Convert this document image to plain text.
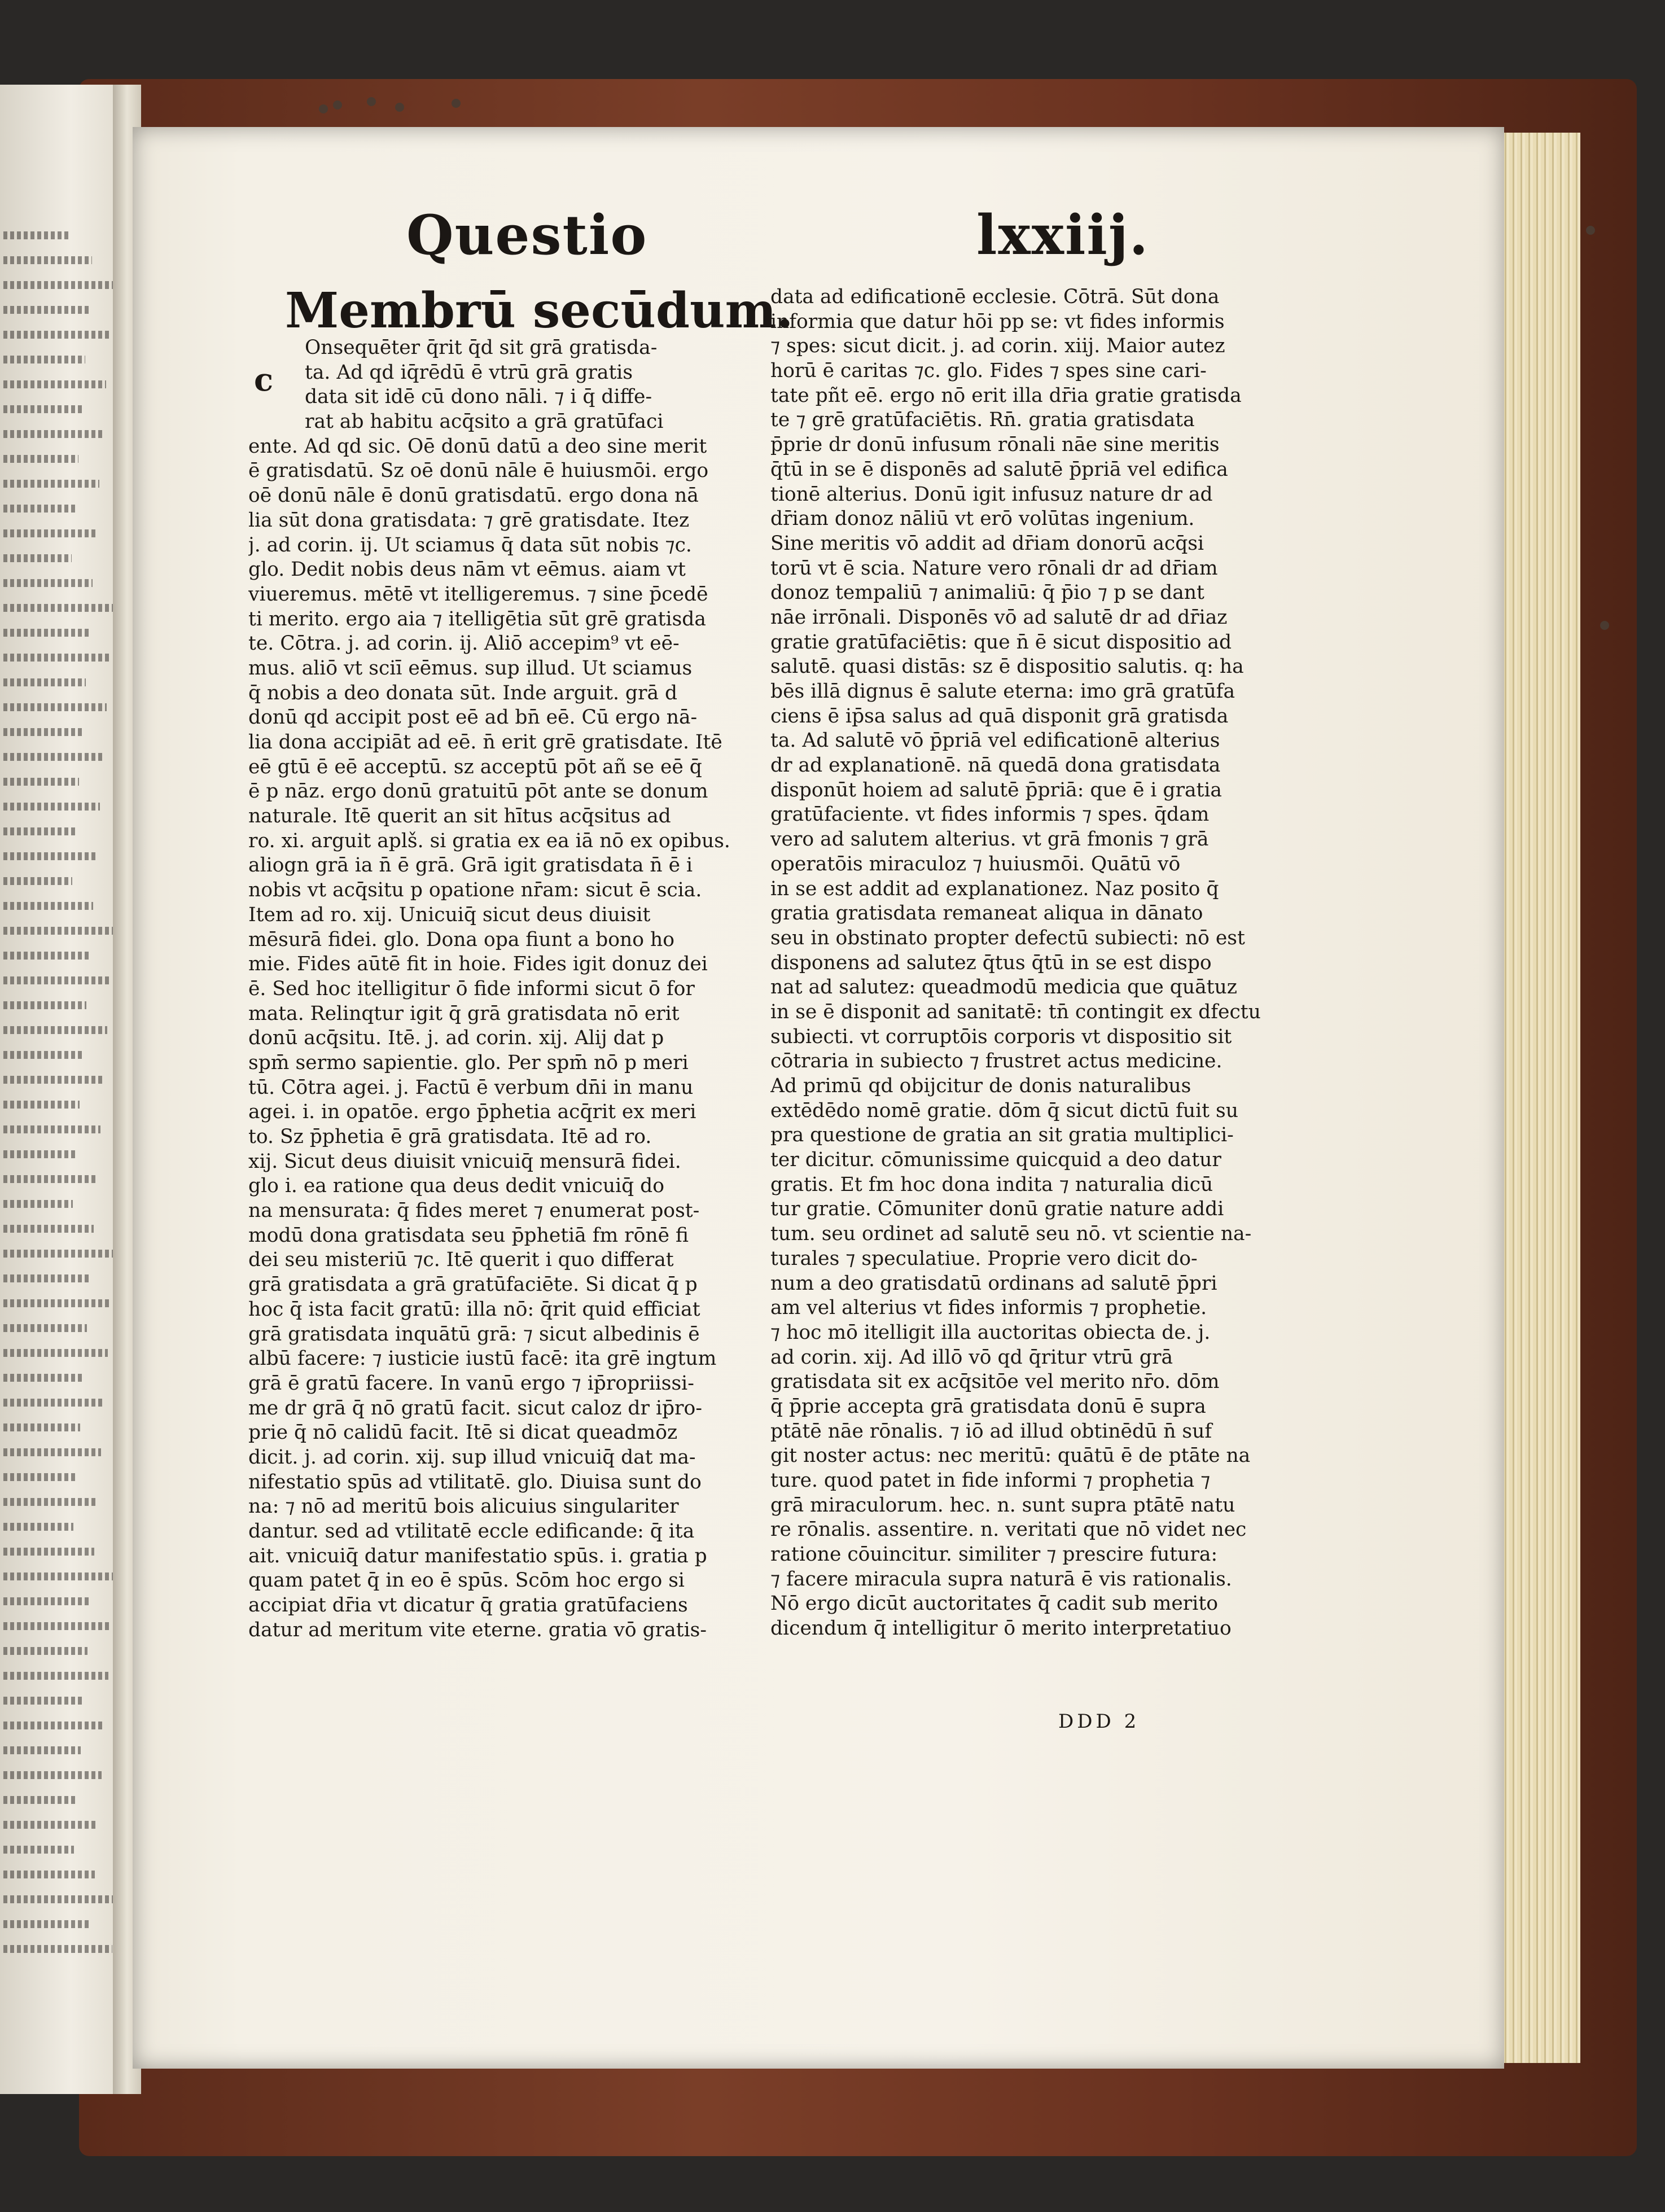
Questio	lxxiij.
Membrū secūdum.
c
Onsequēter q̄rit q̄d sit grā gratisda-
ta. Ad qd iq̄rēdū ē vtrū grā gratis
data sit idē cū dono nāli. ⁊ i q̄ diffe-
rat ab habitu acq̄sito a grā gratūfaci
ente. Ad qd sic. Oē donū datū a deo sine merit
ē gratisdatū. Sz oē donū nāle ē huiusmōi. ergo
oē donū nāle ē donū gratisdatū. ergo dona nā
lia sūt dona gratisdata: ⁊ grē gratisdate. Itez
j. ad corin. ij. Ut sciamus q̄ data sūt nobis ⁊c.
glo. Dedit nobis deus nām vt eēmus. aiam vt
viueremus. mētē vt itelligeremus. ⁊ sine p̄cedē
ti merito. ergo aia ⁊ itelligētia sūt grē gratisda
te. Cōtra. j. ad corin. ij. Aliō accepim⁹ vt eē-
mus. aliō vt sciī eēmus. sup illud. Ut sciamus
q̄ nobis a deo donata sūt. Inde arguit. grā d
donū qd accipit post eē ad bn̄ eē. Cū ergo nā-
lia dona accipiāt ad eē. n̄ erit grē gratisdate. Itē
eē gtū ē eē acceptū. sz acceptū pōt añ se eē q̄
ē p nāz. ergo donū gratuitū pōt ante se donum
naturale. Itē querit an sit hītus acq̄situs ad
ro. xi. arguit aplš. si gratia ex ea iā nō ex opibus.
aliogn grā ia n̄ ē grā. Grā igit gratisdata n̄ ē i
nobis vt acq̄situ p opatione nr̄am: sicut ē scia.
Item ad ro. xij. Unicuiq̄ sicut deus diuisit
mēsurā fidei. glo. Dona opa fiunt a bono ho
mie. Fides aūtē fit in hoie. Fides igit donuz dei
ē. Sed hoc itelligitur ō fide informi sicut ō for
mata. Relinqtur igit q̄ grā gratisdata nō erit
donū acq̄situ. Itē. j. ad corin. xij. Alij dat p
spm̄ sermo sapientie. glo. Per spm̄ nō p meri
tū. Cōtra agei. j. Factū ē verbum dn̄i in manu
agei. i. in opatōe. ergo p̄phetia acq̄rit ex meri
to. Sz p̄phetia ē grā gratisdata. Itē ad ro.
xij. Sicut deus diuisit vnicuiq̄ mensurā fidei.
glo i. ea ratione qua deus dedit vnicuiq̄ do
na mensurata: q̄ fides meret ⁊ enumerat post-
modū dona gratisdata seu p̄phetiā fm rōnē fi
dei seu misteriū ⁊c. Itē querit i quo differat
grā gratisdata a grā gratūfaciēte. Si dicat q̄ p
hoc q̄ ista facit gratū: illa nō: q̄rit quid efficiat
grā gratisdata inquātū grā: ⁊ sicut albedinis ē
albū facere: ⁊ iusticie iustū facē: ita grē ingtum
grā ē gratū facere. In vanū ergo ⁊ ip̄ropriissi-
me dr grā q̄ nō gratū facit. sicut caloz dr ip̄ro-
prie q̄ nō calidū facit. Itē si dicat queadmōz
dicit. j. ad corin. xij. sup illud vnicuiq̄ dat ma-
nifestatio spūs ad vtilitatē. glo. Diuisa sunt do
na: ⁊ nō ad meritū bois alicuius singulariter
dantur. sed ad vtilitatē eccle edificande: q̄ ita
ait. vnicuiq̄ datur manifestatio spūs. i. gratia p
quam patet q̄ in eo ē spūs. Scōm hoc ergo si
accipiat dr̄ia vt dicatur q̄ gratia gratūfaciens
datur ad meritum vite eterne. gratia vō gratis-
data ad edificationē ecclesie. Cōtrā. Sūt dona
informia que datur hōi pp se: vt fides informis
⁊ spes: sicut dicit. j. ad corin. xiij. Maior autez
horū ē caritas ⁊c. glo. Fides ⁊ spes sine cari-
tate pñt eē. ergo nō erit illa dr̄ia gratie gratisda
te ⁊ grē gratūfaciētis. Rn̄. gratia gratisdata
p̄prie dr donū infusum rōnali nāe sine meritis
q̄tū in se ē disponēs ad salutē p̄priā vel edifica
tionē alterius. Donū igit infusuz nature dr ad
dr̄iam donoz nāliū vt erō volūtas ingenium.
Sine meritis vō addit ad dr̄iam donorū acq̄si
torū vt ē scia. Nature vero rōnali dr ad dr̄iam
donoz tempaliū ⁊ animaliū: q̄ p̄io ⁊ p se dant
nāe irrōnali. Disponēs vō ad salutē dr ad dr̄iaz
gratie gratūfaciētis: que n̄ ē sicut dispositio ad
salutē. quasi distās: sz ē dispositio salutis. q: ha
bēs illā dignus ē salute eterna: imo grā gratūfa
ciens ē ip̄sa salus ad quā disponit grā gratisda
ta. Ad salutē vō p̄priā vel edificationē alterius
dr ad explanationē. nā quedā dona gratisdata
disponūt hoiem ad salutē p̄priā: que ē i gratia
gratūfaciente. vt fides informis ⁊ spes. q̄dam
vero ad salutem alterius. vt grā fmonis ⁊ grā
operatōis miraculoz ⁊ huiusmōi. Quātū vō
in se est addit ad explanationez. Naz posito q̄
gratia gratisdata remaneat aliqua in dānato
seu in obstinato propter defectū subiecti: nō est
disponens ad salutez q̄tus q̄tū in se est dispo
nat ad salutez: queadmodū medicia que quātuz
in se ē disponit ad sanitatē: tn̄ contingit ex dfectu
subiecti. vt corruptōis corporis vt dispositio sit
cōtraria in subiecto ⁊ frustret actus medicine.
Ad primū qd obijcitur de donis naturalibus
extēdēdo nomē gratie. dōm q̄ sicut dictū fuit su
pra questione de gratia an sit gratia multiplici-
ter dicitur. cōmunissime quicquid a deo datur
gratis. Et fm hoc dona indita ⁊ naturalia dicū
tur gratie. Cōmuniter donū gratie nature addi
tum. seu ordinet ad salutē seu nō. vt scientie na-
turales ⁊ speculatiue. Proprie vero dicit do-
num a deo gratisdatū ordinans ad salutē p̄pri
am vel alterius vt fides informis ⁊ prophetie.
⁊ hoc mō itelligit illa auctoritas obiecta de. j.
ad corin. xij. Ad illō vō qd q̄ritur vtrū grā
gratisdata sit ex acq̄sitōe vel merito nr̄o. dōm
q̄ p̄prie accepta grā gratisdata donū ē supra
ptātē nāe rōnalis. ⁊ iō ad illud obtinēdū n̄ suf
git noster actus: nec meritū: quātū ē de ptāte na
ture. quod patet in fide informi ⁊ prophetia ⁊
grā miraculorum. hec. n. sunt supra ptātē natu
re rōnalis. assentire. n. veritati que nō videt nec
ratione cōuincitur. similiter ⁊ prescire futura:
⁊ facere miracula supra naturā ē vis rationalis.
Nō ergo dicūt auctoritates q̄ cadit sub merito
dicendum q̄ intelligitur ō merito interpretatiuo
DDD 2
